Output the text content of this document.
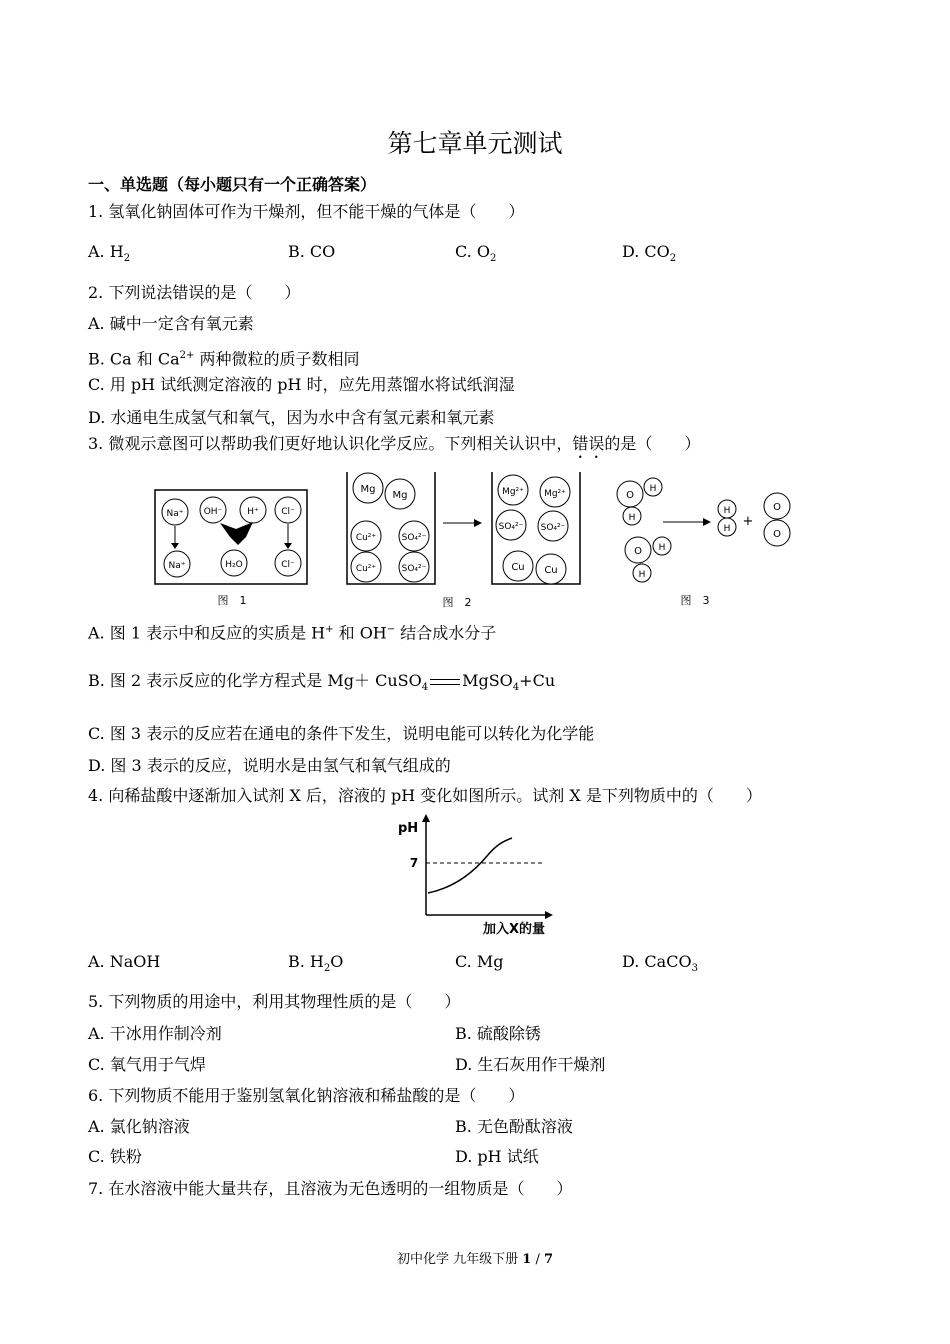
第七章单元测试
一、单选题（每小题只有一个正确答案）
1. 氢氧化钠固体可作为干燥剂，但不能干燥的气体是（　　）
A. $H_2$	B. CO	C. $O_2$	D. $CO_2$
2. 下列说法错误的是（　　）
A. 碱中一定含有氧元素
B. Ca 和 $Ca^{2+}$ 两种微粒的质子数相同
C. 用 pH 试纸测定溶液的 pH 时，应先用蒸馏水将试纸润湿
D. 水通电生成氢气和氧气，因为水中含有氢元素和氧元素
3. 微观示意图可以帮助我们更好地认识化学反应。下列相关认识中，错误的是（　　）
Na⁺ OH⁻	H⁺ Cl⁻
Na⁺	H₂O	Cl⁻
图　1
Mg
Mg
Cu²⁺	SO₄²⁻
Cu²⁺	SO₄²⁻
Mg²⁺ Mg²⁺
SO₄²⁻ SO₄²⁻
Cu Cu
图　2
O
H
H
O H
H
H
H +
O
O
图　3
A. 图 1 表示中和反应的实质是 H+ 和 OH− 结合成水分子
B. 图 2 表示反应的化学方程式是 Mg＋ CuSO$_4$ MgSO$_4$+Cu
C. 图 3 表示的反应若在通电的条件下发生，说明电能可以转化为化学能
D. 图 3 表示的反应，说明水是由氢气和氧气组成的
4. 向稀盐酸中逐渐加入试剂 X 后，溶液的 pH 变化如图所示。试剂 X 是下列物质中的（　　）
pH
7
加入X的量
A. NaOH	B. $H_2O$	C. Mg	D. CaCO$_3$
5. 下列物质的用途中，利用其物理性质的是（　　）
A. 干冰用作制冷剂	B. 硫酸除锈
C. 氧气用于气焊	D. 生石灰用作干燥剂
6. 下列物质不能用于鉴别氢氧化钠溶液和稀盐酸的是（　　）
A. 氯化钠溶液	B. 无色酚酞溶液
C. 铁粉	D. pH 试纸
7. 在水溶液中能大量共存，且溶液为无色透明的一组物质是（　　）
初中化学 九年级下册 1 / 7
